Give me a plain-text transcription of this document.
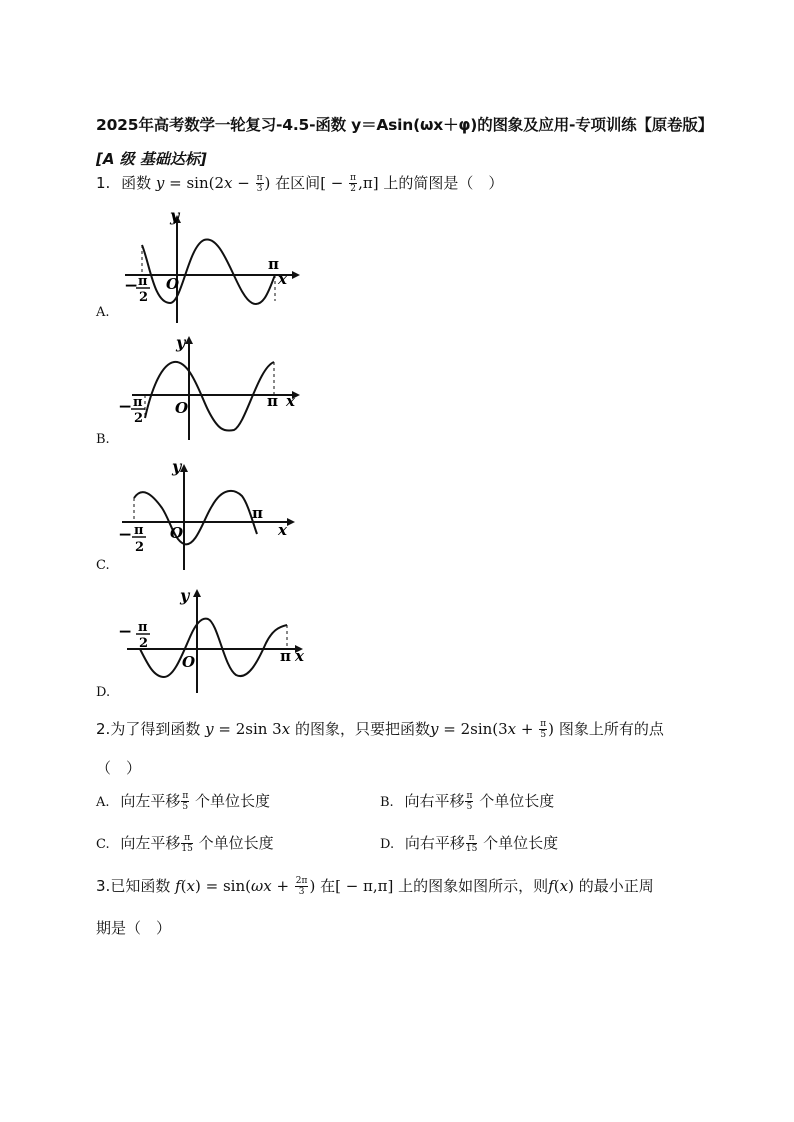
2025年高考数学一轮复习-4.5-函数 y＝Asin(ωx＋φ)的图象及应用-专项训练【原卷版】
[A 级 基础达标]
1. 函数 $y = \sin(2x - \frac{\pi}{3}$ ) 在区间[ − $\frac{\pi}{2} ,\pi$] 上的简图是（　）
y
x
O
π
− π
2
A.
y
x
O	π
− π
2
B.
y
x
O
π
− π
2
C.
y
x
O	π
− π
2
D.
2.为了得到函数 y = 2sin 3x 的图象，只要把函数$y = 2\sin(3x + \frac{\pi}{5}$ ) 图象上所有的点
（　）
A. 向左平移 $\frac{\pi}{5}$ 个单位长度	B. 向右平移 $\frac{\pi}{5}$ 个单位长度
C. 向左平移 $\frac{\pi}{15}$ 个单位长度	D. 向右平移 $\frac{\pi}{15}$ 个单位长度
3.已知函数 $f(x) = \sin(\omega x + \frac{2\pi}{3}$ ) 在[ − π,π] 上的图象如图所示，则f(x) 的最小正周
期是（　）
